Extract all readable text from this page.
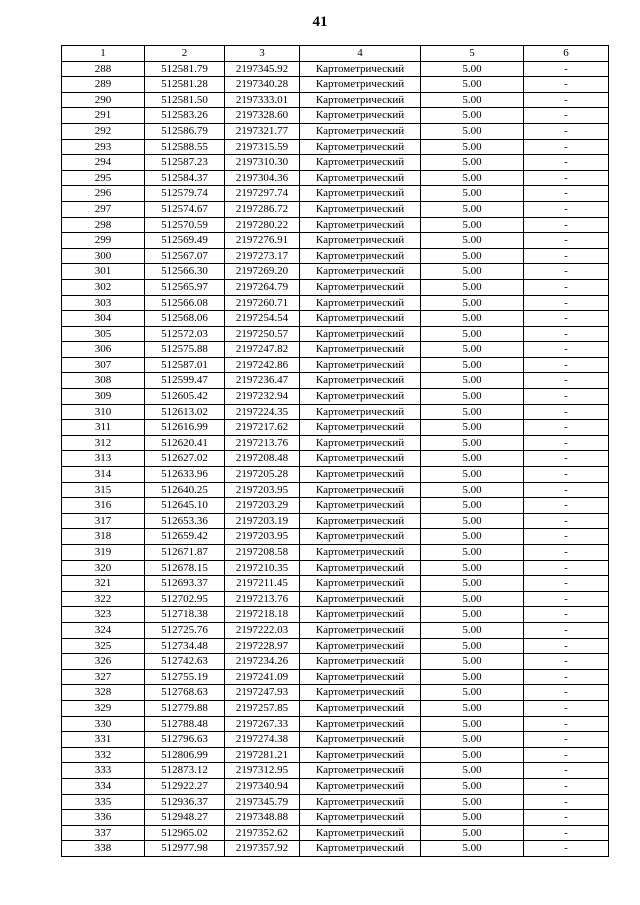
41
1	2	3	4	5	6
288	512581.79	2197345.92	Картометрический	5.00	-
289	512581.28	2197340.28	Картометрический	5.00	-
290	512581.50	2197333.01	Картометрический	5.00	-
291	512583.26	2197328.60	Картометрический	5.00	-
292	512586.79	2197321.77	Картометрический	5.00	-
293	512588.55	2197315.59	Картометрический	5.00	-
294	512587.23	2197310.30	Картометрический	5.00	-
295	512584.37	2197304.36	Картометрический	5.00	-
296	512579.74	2197297.74	Картометрический	5.00	-
297	512574.67	2197286.72	Картометрический	5.00	-
298	512570.59	2197280.22	Картометрический	5.00	-
299	512569.49	2197276.91	Картометрический	5.00	-
300	512567.07	2197273.17	Картометрический	5.00	-
301	512566.30	2197269.20	Картометрический	5.00	-
302	512565.97	2197264.79	Картометрический	5.00	-
303	512566.08	2197260.71	Картометрический	5.00	-
304	512568.06	2197254.54	Картометрический	5.00	-
305	512572.03	2197250.57	Картометрический	5.00	-
306	512575.88	2197247.82	Картометрический	5.00	-
307	512587.01	2197242.86	Картометрический	5.00	-
308	512599.47	2197236.47	Картометрический	5.00	-
309	512605.42	2197232.94	Картометрический	5.00	-
310	512613.02	2197224.35	Картометрический	5.00	-
311	512616.99	2197217.62	Картометрический	5.00	-
312	512620.41	2197213.76	Картометрический	5.00	-
313	512627.02	2197208.48	Картометрический	5.00	-
314	512633.96	2197205.28	Картометрический	5.00	-
315	512640.25	2197203.95	Картометрический	5.00	-
316	512645.10	2197203.29	Картометрический	5.00	-
317	512653.36	2197203.19	Картометрический	5.00	-
318	512659.42	2197203.95	Картометрический	5.00	-
319	512671.87	2197208.58	Картометрический	5.00	-
320	512678.15	2197210.35	Картометрический	5.00	-
321	512693.37	2197211.45	Картометрический	5.00	-
322	512702.95	2197213.76	Картометрический	5.00	-
323	512718.38	2197218.18	Картометрический	5.00	-
324	512725.76	2197222.03	Картометрический	5.00	-
325	512734.48	2197228.97	Картометрический	5.00	-
326	512742.63	2197234.26	Картометрический	5.00	-
327	512755.19	2197241.09	Картометрический	5.00	-
328	512768.63	2197247.93	Картометрический	5.00	-
329	512779.88	2197257.85	Картометрический	5.00	-
330	512788.48	2197267.33	Картометрический	5.00	-
331	512796.63	2197274.38	Картометрический	5.00	-
332	512806.99	2197281.21	Картометрический	5.00	-
333	512873.12	2197312.95	Картометрический	5.00	-
334	512922.27	2197340.94	Картометрический	5.00	-
335	512936.37	2197345.79	Картометрический	5.00	-
336	512948.27	2197348.88	Картометрический	5.00	-
337	512965.02	2197352.62	Картометрический	5.00	-
338	512977.98	2197357.92	Картометрический	5.00	-
